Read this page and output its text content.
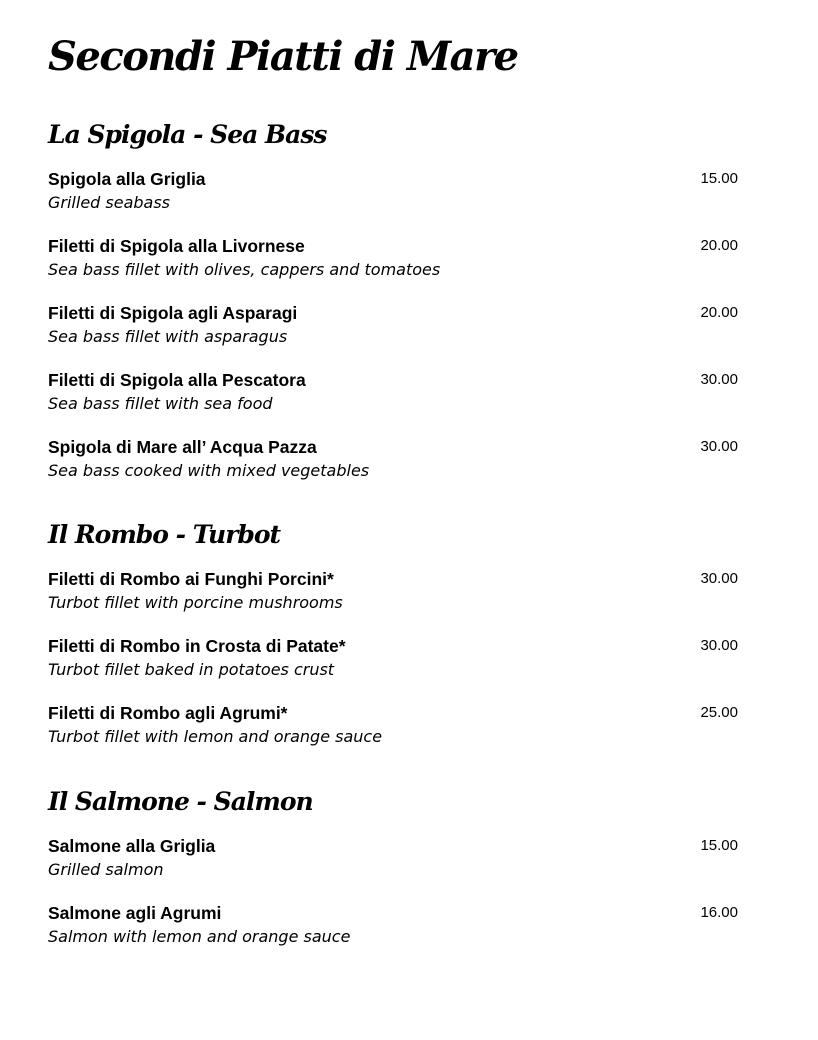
Secondi Piatti di Mare
La Spigola - Sea Bass
Spigola alla Griglia
Grilled seabass
15.00
Filetti di Spigola alla Livornese
Sea bass fillet with olives, cappers and tomatoes
20.00
Filetti di Spigola agli Asparagi
Sea bass fillet with asparagus
20.00
Filetti di Spigola alla Pescatora
Sea bass fillet with sea food
30.00
Spigola di Mare all’ Acqua Pazza
Sea bass cooked with mixed vegetables
30.00
Il Rombo - Turbot
Filetti di Rombo ai Funghi Porcini*
Turbot fillet with porcine mushrooms
30.00
Filetti di Rombo in Crosta di Patate*
Turbot fillet baked in potatoes crust
30.00
Filetti di Rombo agli Agrumi*
Turbot fillet with lemon and orange sauce
25.00
Il Salmone - Salmon
Salmone alla Griglia
Grilled salmon
15.00
Salmone agli Agrumi
Salmon with lemon and orange sauce
16.00
